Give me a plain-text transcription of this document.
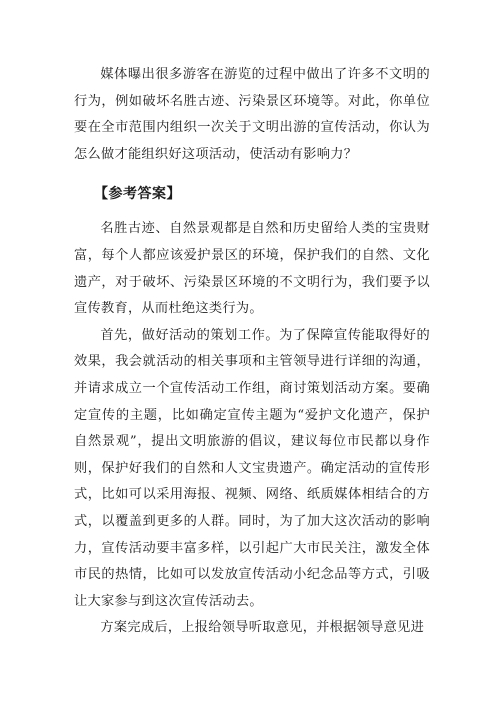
媒体曝出很多游客在游览的过程中做出了许多不文明的行为，例如破坏名胜古迹、污染景区环境等。对此，你单位要在全市范围内组织一次关于文明出游的宣传活动，你认为怎么做才能组织好这项活动，使活动有影响力？

【参考答案】

名胜古迹、自然景观都是自然和历史留给人类的宝贵财富，每个人都应该爱护景区的环境，保护我们的自然、文化遗产，对于破坏、污染景区环境的不文明行为，我们要予以宣传教育，从而杜绝这类行为。

首先，做好活动的策划工作。为了保障宣传能取得好的效果，我会就活动的相关事项和主管领导进行详细的沟通，并请求成立一个宣传活动工作组，商讨策划活动方案。要确定宣传的主题，比如确定宣传主题为“爱护文化遗产，保护自然景观”，提出文明旅游的倡议，建议每位市民都以身作则，保护好我们的自然和人文宝贵遗产。确定活动的宣传形式，比如可以采用海报、视频、网络、纸质媒体相结合的方式，以覆盖到更多的人群。同时，为了加大这次活动的影响力，宣传活动要丰富多样，以引起广大市民关注，激发全体市民的热情，比如可以发放宣传活动小纪念品等方式，引吸让大家参与到这次宣传活动去。

方案完成后，上报给领导听取意见，并根据领导意见进
